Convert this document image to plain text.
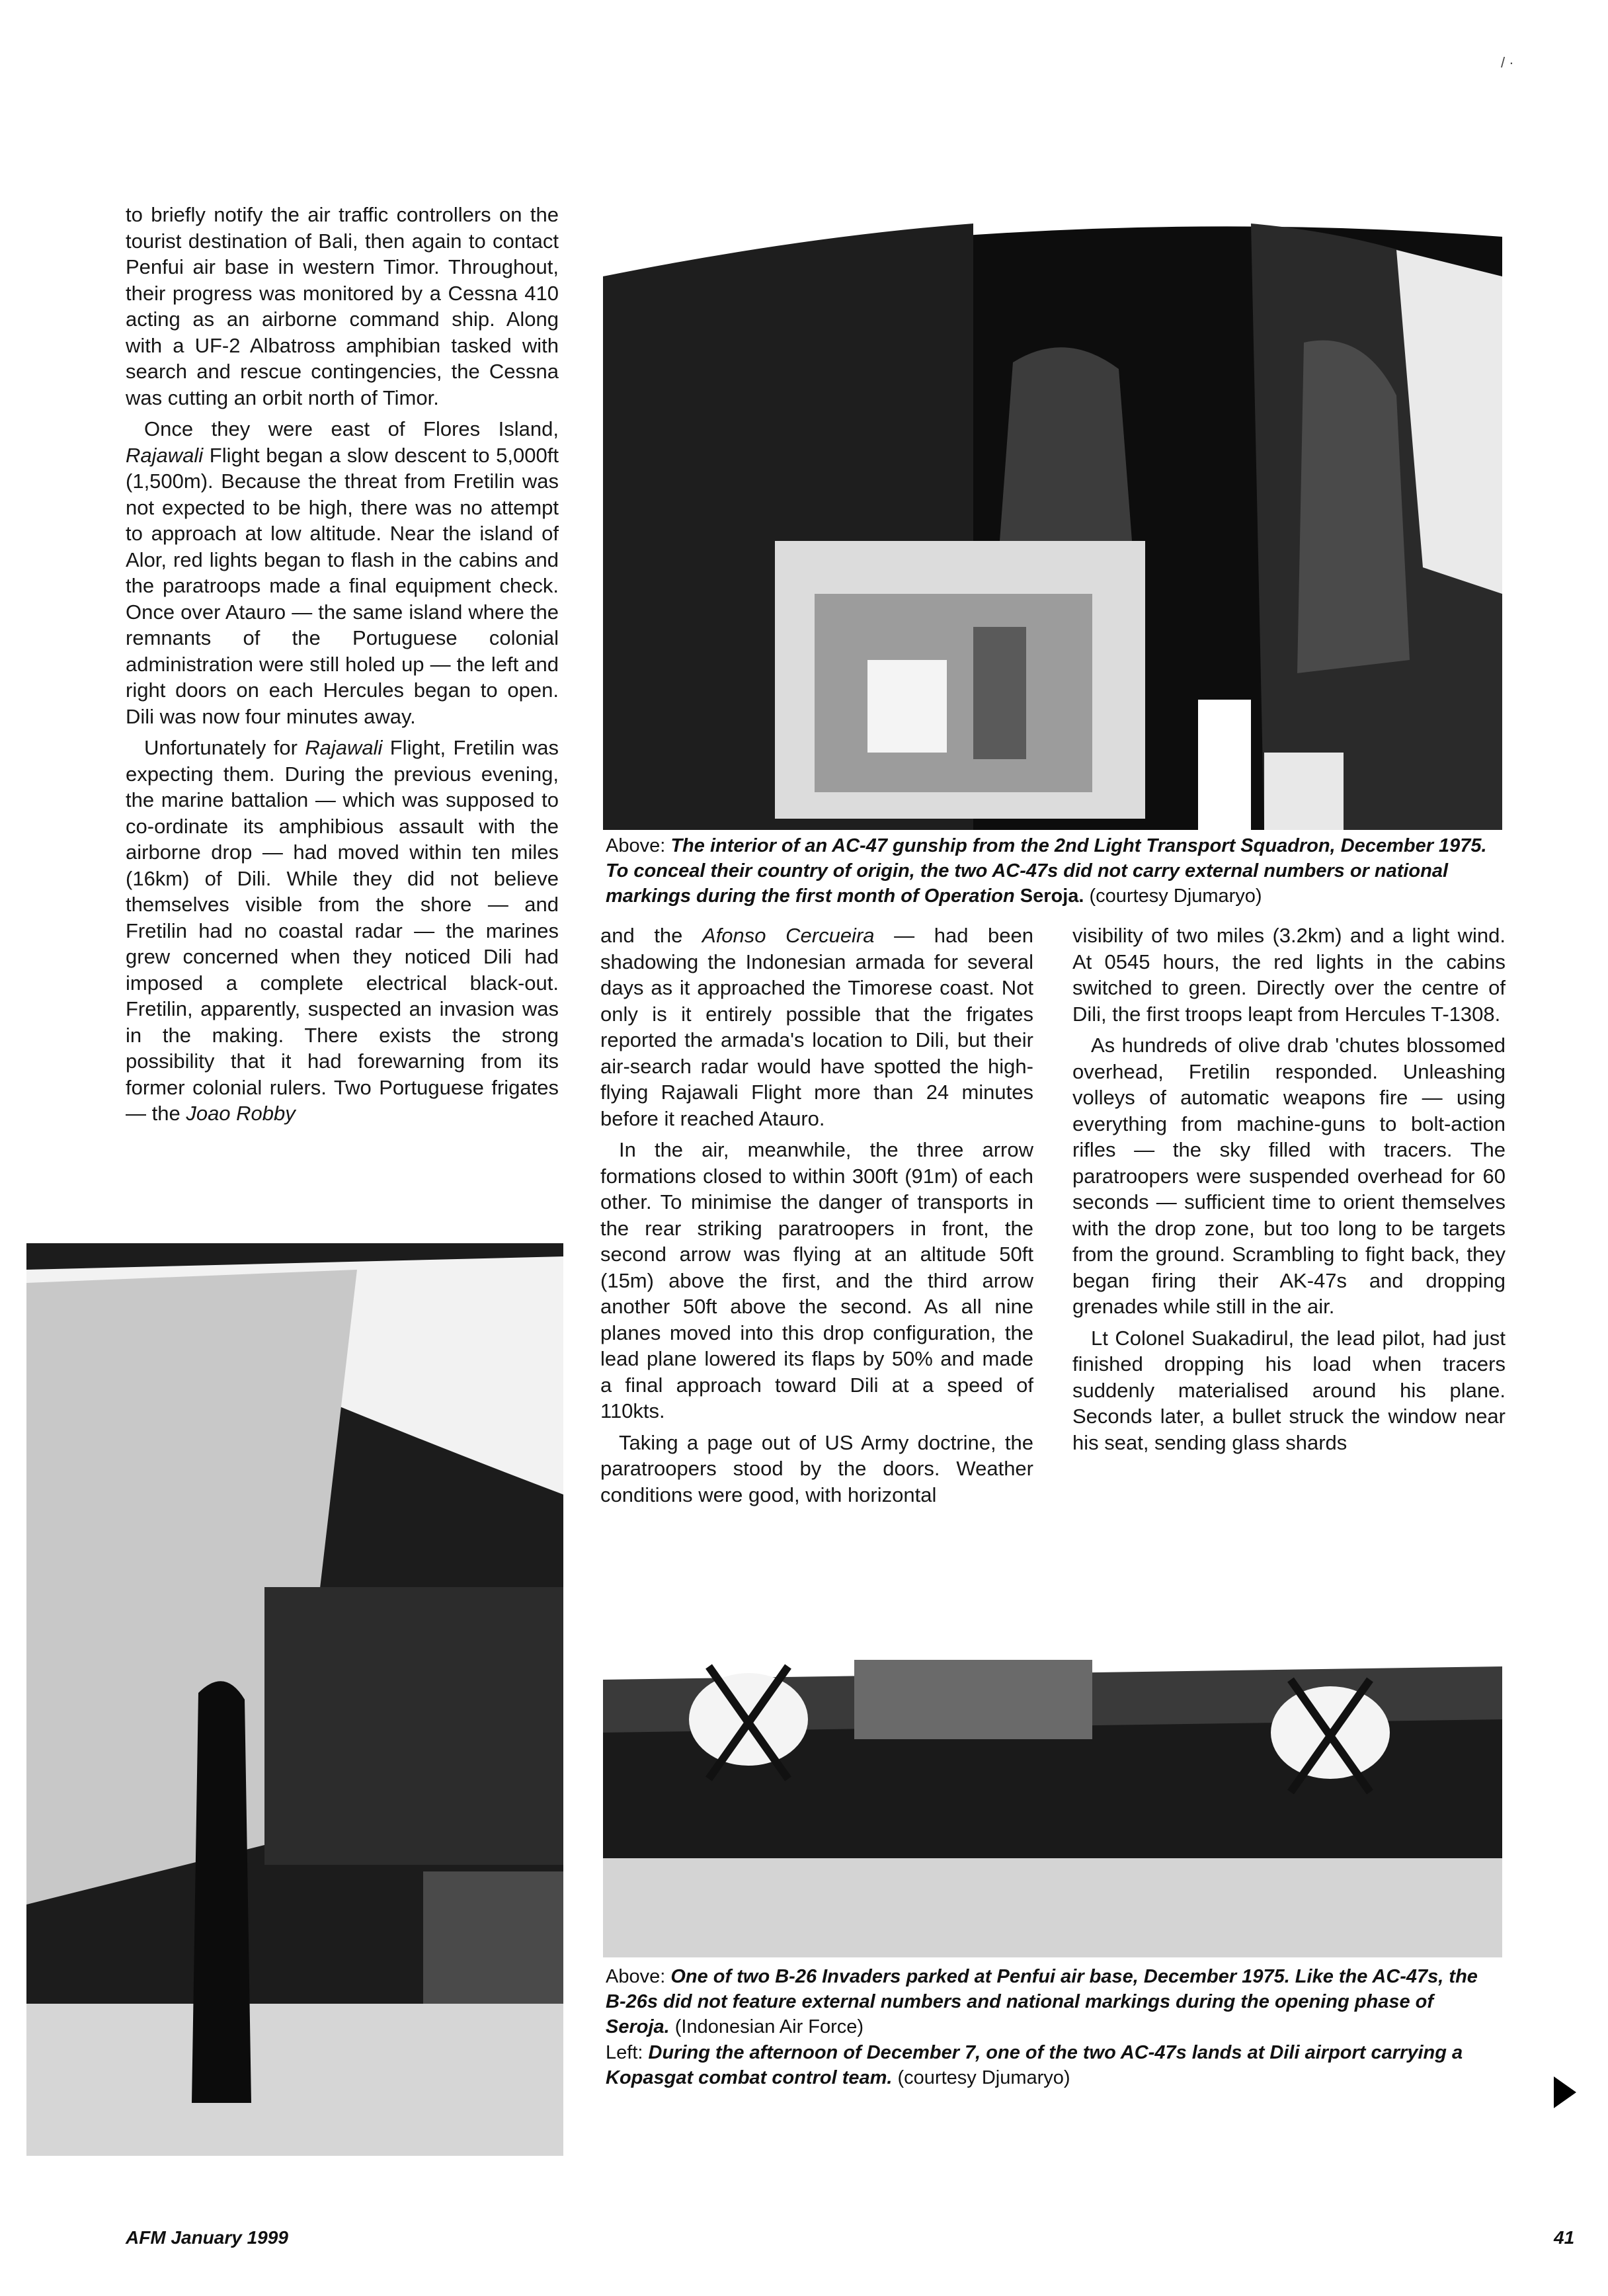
/ ·

to briefly notify the air traffic controllers on the tourist destination of Bali, then again to contact Penfui air base in western Timor. Throughout, their progress was monitored by a Cessna 410 acting as an airborne command ship. Along with a UF-2 Albatross amphibian tasked with search and rescue contingencies, the Cessna was cutting an orbit north of Timor.

Once they were east of Flores Island, Rajawali Flight began a slow descent to 5,000ft (1,500m). Because the threat from Fretilin was not expected to be high, there was no attempt to approach at low altitude. Near the island of Alor, red lights began to flash in the cabins and the paratroops made a final equipment check. Once over Atauro — the same island where the remnants of the Portuguese colonial administration were still holed up — the left and right doors on each Hercules began to open. Dili was now four minutes away.

Unfortunately for Rajawali Flight, Fretilin was expecting them. During the previous evening, the marine battalion — which was supposed to co-ordinate its amphibious assault with the airborne drop — had moved within ten miles (16km) of Dili. While they did not believe themselves visible from the shore — and Fretilin had no coastal radar — the marines grew concerned when they noticed Dili had imposed a complete electrical black-out. Fretilin, apparently, suspected an invasion was in the making. There exists the strong possibility that it had forewarning from its former colonial rulers. Two Portuguese frigates — the Joao Robby

and the Afonso Cercueira — had been shadowing the Indonesian armada for several days as it approached the Timorese coast. Not only is it entirely possible that the frigates reported the armada's location to Dili, but their air-search radar would have spotted the high-flying Rajawali Flight more than 24 minutes before it reached Atauro.

In the air, meanwhile, the three arrow formations closed to within 300ft (91m) of each other. To minimise the danger of transports in the rear striking paratroopers in front, the second arrow was flying at an altitude 50ft (15m) above the first, and the third arrow another 50ft above the second. As all nine planes moved into this drop configuration, the lead plane lowered its flaps by 50% and made a final approach toward Dili at a speed of 110kts.

Taking a page out of US Army doctrine, the paratroopers stood by the doors. Weather conditions were good, with horizontal

visibility of two miles (3.2km) and a light wind. At 0545 hours, the red lights in the cabins switched to green. Directly over the centre of Dili, the first troops leapt from Hercules T-1308.

As hundreds of olive drab 'chutes blossomed overhead, Fretilin responded. Unleashing volleys of automatic weapons fire — using everything from machine-guns to bolt-action rifles — the sky filled with tracers. The paratroopers were suspended overhead for 60 seconds — sufficient time to orient themselves with the drop zone, but too long to be targets from the ground. Scrambling to fight back, they began firing their AK-47s and dropping grenades while still in the air.

Lt Colonel Suakadirul, the lead pilot, had just finished dropping his load when tracers suddenly materialised around his plane. Seconds later, a bullet struck the window near his seat, sending glass shards

Above: The interior of an AC-47 gunship from the 2nd Light Transport Squadron, December 1975. To conceal their country of origin, the two AC-47s did not carry external numbers or national markings during the first month of Operation Seroja. (courtesy Djumaryo)
Above: One of two B-26 Invaders parked at Penfui air base, December 1975. Like the AC-47s, the B-26s did not feature external numbers and national markings during the opening phase of Seroja. (Indonesian Air Force)
Left: During the afternoon of December 7, one of the two AC-47s lands at Dili airport carrying a Kopasgat combat control team. (courtesy Djumaryo)
AFM January 1999	41
